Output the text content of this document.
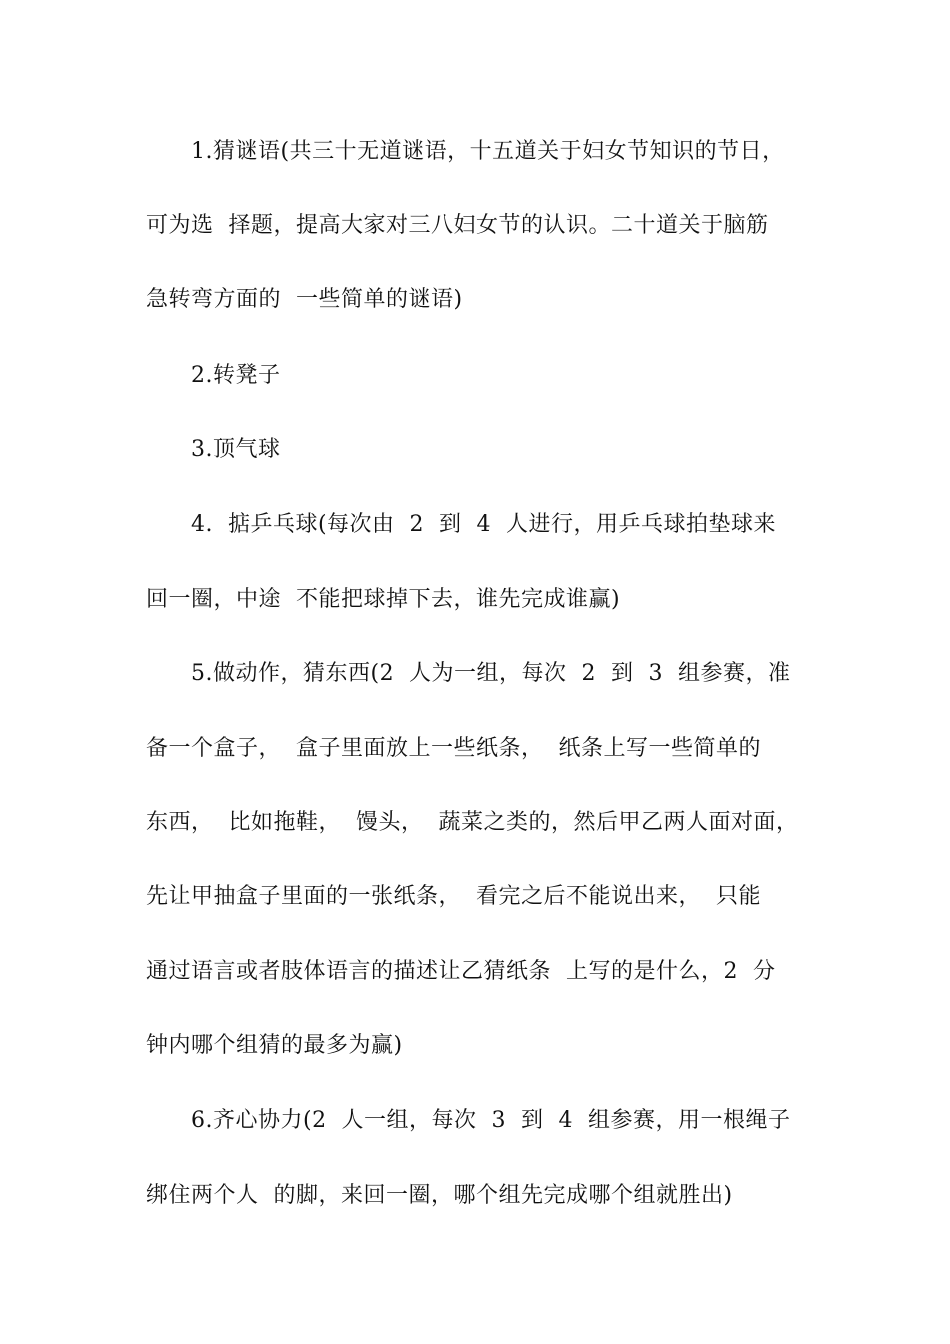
1.猜谜语(共三十无道谜语，十五道关于妇女节知识的节日，
可为选  择题，提高大家对三八妇女节的认识。二十道关于脑筋
急转弯方面的  一些简单的谜语)
2.转凳子
3.顶气球
4.  掂乒乓球(每次由  2  到  4  人进行，用乒乓球拍垫球来
回一圈，中途  不能把球掉下去，谁先完成谁赢)
5.做动作，猜东西(2  人为一组，每次  2  到  3  组参赛，准
备一个盒子，  盒子里面放上一些纸条，  纸条上写一些简单的
东西，  比如拖鞋，  馒头，  蔬菜之类的，然后甲乙两人面对面，
先让甲抽盒子里面的一张纸条，  看完之后不能说出来，  只能
通过语言或者肢体语言的描述让乙猜纸条  上写的是什么，2  分
钟内哪个组猜的最多为赢)
6.齐心协力(2  人一组，每次  3  到  4  组参赛，用一根绳子
绑住两个人  的脚，来回一圈，哪个组先完成哪个组就胜出)
